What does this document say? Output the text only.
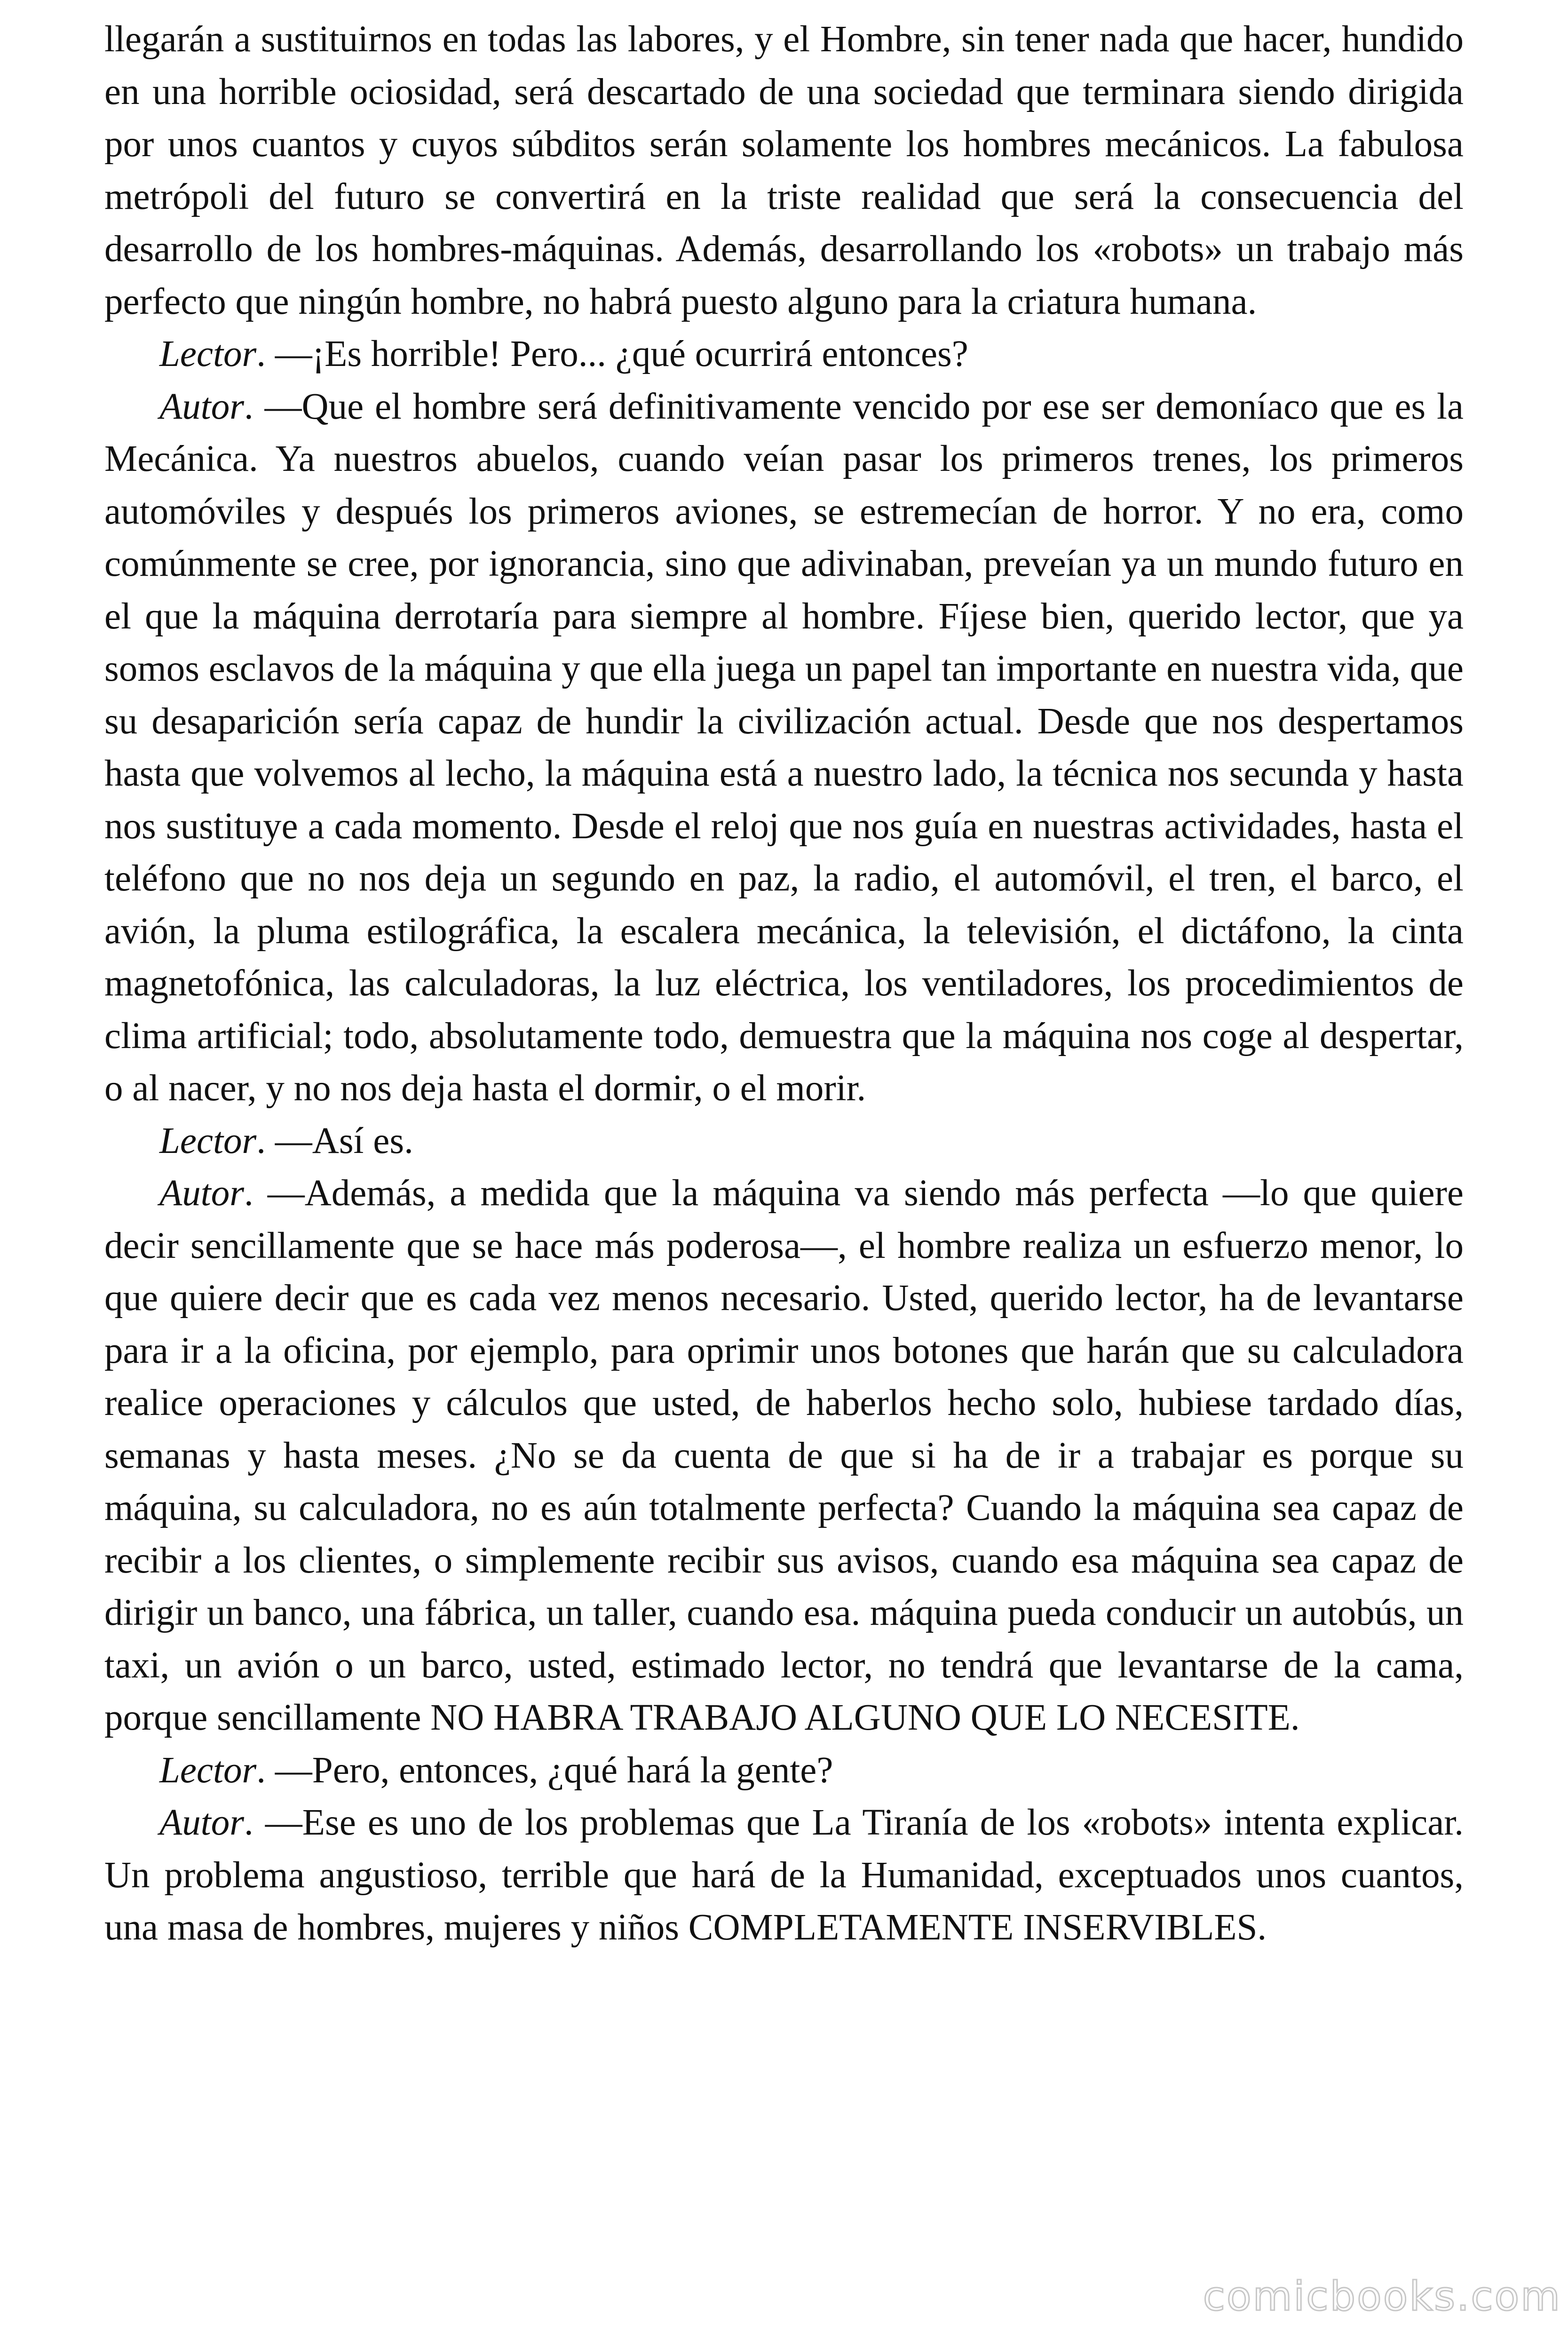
llegarán a sustituirnos en todas las labores, y el Hombre, sin tener nada que hacer, hundido en una horrible ociosidad, será descartado de una sociedad que terminara siendo dirigida por unos cuantos y cuyos súbditos serán solamente los hombres mecánicos. La fabulosa metrópoli del futuro se convertirá en la triste realidad que será la consecuencia del desarrollo de los hombres-máquinas. Además, desarrollando los «robots» un trabajo más perfecto que ningún hombre, no habrá puesto alguno para la criatura humana.

Lector. —¡Es horrible! Pero... ¿qué ocurrirá entonces?

Autor. —Que el hombre será definitivamente vencido por ese ser demoníaco que es la Mecánica. Ya nuestros abuelos, cuando veían pasar los primeros trenes, los primeros automóviles y después los primeros aviones, se estremecían de horror. Y no era, como comúnmente se cree, por ignorancia, sino que adivinaban, preveían ya un mundo futuro en el que la máquina derrotaría para siempre al hombre. Fíjese bien, querido lector, que ya somos esclavos de la máquina y que ella juega un papel tan importante en nuestra vida, que su desaparición sería capaz de hundir la civilización actual. Desde que nos despertamos hasta que volvemos al lecho, la máquina está a nuestro lado, la técnica nos secunda y hasta nos sustituye a cada momento. Desde el reloj que nos guía en nuestras actividades, hasta el teléfono que no nos deja un segundo en paz, la radio, el automóvil, el tren, el barco, el avión, la pluma estilográfica, la escalera mecánica, la televisión, el dictáfono, la cinta magnetofónica, las calculadoras, la luz eléctrica, los ventiladores, los procedimientos de clima artificial; todo, absolutamente todo, demuestra que la máquina nos coge al despertar, o al nacer, y no nos deja hasta el dormir, o el morir.

Lector. —Así es.

Autor. —Además, a medida que la máquina va siendo más perfecta —lo que quiere decir sencillamente que se hace más poderosa—, el hombre realiza un esfuerzo menor, lo que quiere decir que es cada vez menos necesario. Usted, querido lector, ha de levantarse para ir a la oficina, por ejemplo, para oprimir unos botones que harán que su calculadora realice operaciones y cálculos que usted, de haberlos hecho solo, hubiese tardado días, semanas y hasta meses. ¿No se da cuenta de que si ha de ir a trabajar es porque su máquina, su calculadora, no es aún totalmente perfecta? Cuando la máquina sea capaz de recibir a los clientes, o simplemente recibir sus avisos, cuando esa máquina sea capaz de dirigir un banco, una fábrica, un taller, cuando esa. máquina pueda conducir un autobús, un taxi, un avión o un barco, usted, estimado lector, no tendrá que levantarse de la cama, porque sencillamente NO HABRA TRABAJO ALGUNO QUE LO NECESITE.

Lector. —Pero, entonces, ¿qué hará la gente?

Autor. —Ese es uno de los problemas que La Tiranía de los «robots» intenta explicar. Un problema angustioso, terrible que hará de la Humanidad, exceptuados unos cuantos, una masa de hombres, mujeres y niños COMPLETAMENTE INSERVIBLES.

comicbooks.com
